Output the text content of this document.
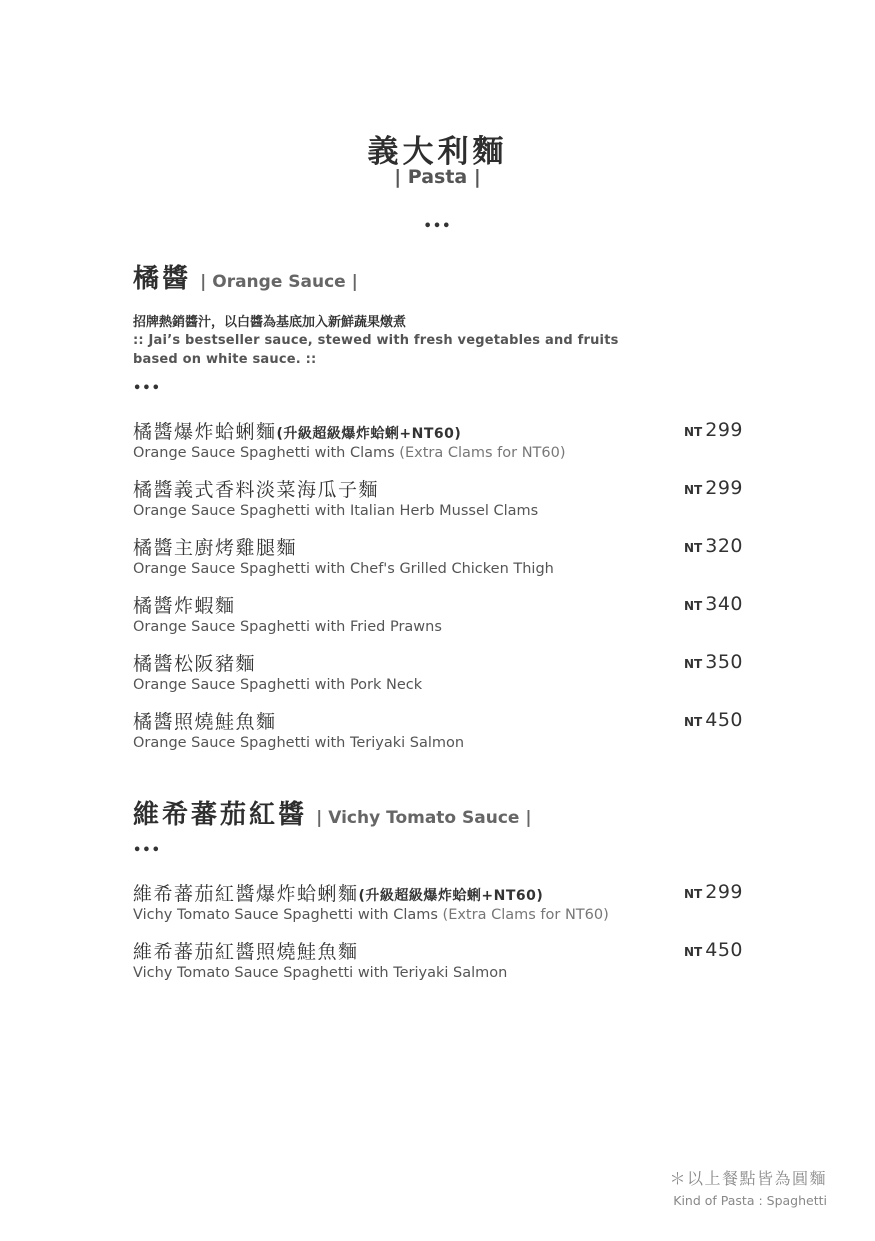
義大利麵
| Pasta |
•••
橘醬 | Orange Sauce |
招牌熱銷醬汁，以白醬為基底加入新鮮蔬果燉煮
:: Jai’s bestseller sauce, stewed with fresh vegetables and fruits
based on white sauce. ::
•••
橘醬爆炸蛤蜊麵(升級超級爆炸蛤蜊+NT60)
Orange Sauce Spaghetti with Clams (Extra Clams for NT60)
NT 299
橘醬義式香料淡菜海瓜子麵
Orange Sauce Spaghetti with Italian Herb Mussel Clams
NT 299
橘醬主廚烤雞腿麵
Orange Sauce Spaghetti with Chef's Grilled Chicken Thigh
NT 320
橘醬炸蝦麵
Orange Sauce Spaghetti with Fried Prawns
NT 340
橘醬松阪豬麵
Orange Sauce Spaghetti with Pork Neck
NT 350
橘醬照燒鮭魚麵
Orange Sauce Spaghetti with Teriyaki Salmon
NT 450
維希蕃茄紅醬 | Vichy Tomato Sauce |
•••
維希蕃茄紅醬爆炸蛤蜊麵(升級超級爆炸蛤蜊+NT60)
Vichy Tomato Sauce Spaghetti with Clams (Extra Clams for NT60)
NT 299
維希蕃茄紅醬照燒鮭魚麵
Vichy Tomato Sauce Spaghetti with Teriyaki Salmon
NT 450
＊以上餐點皆為圓麵
Kind of Pasta : Spaghetti
